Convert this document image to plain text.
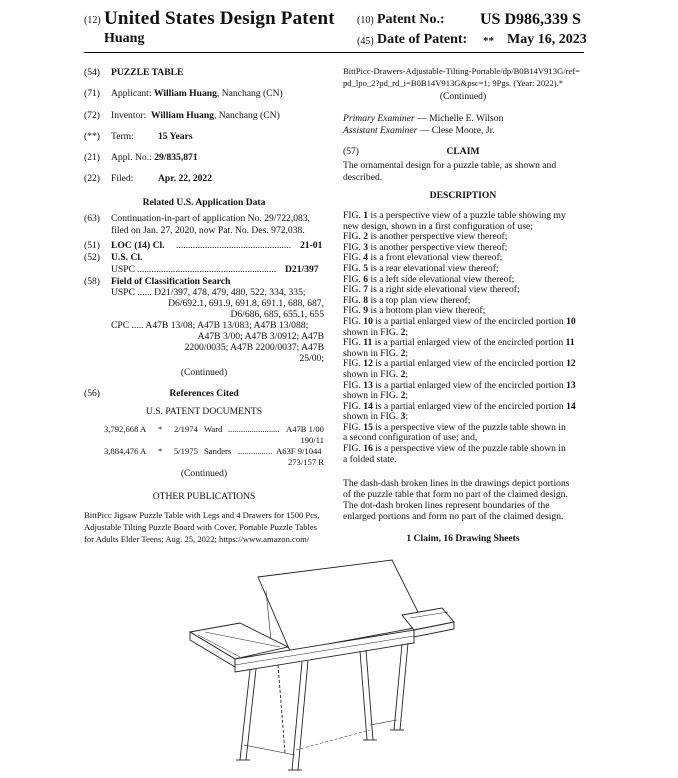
(12) United States Design Patent
Huang
(10) Patent No.: US D986,339 S
(45) Date of Patent: ** May 16, 2023
(54) PUZZLE TABLE
(71) Applicant: William Huang, Nanchang (CN)
(72) Inventor: William Huang, Nanchang (CN)
(**) Term:	15 Years
(21) Appl. No.: 29/835,871
(22) Filed:	Apr. 22, 2022
Related U.S. Application Data
(63) Continuation-in-part of application No. 29/722,083,
filed on Jan. 27, 2020, now Pat. No. Des. 972,038.
(51) LOC (14) Cl. ................................................ 21-01
(52) U.S. Cl.
USPC .......................................................... D21/397
(58) Field of Classification Search
USPC ...... D21/397, 478, 479, 480, 522, 334, 335;
D6/692.1, 691.9, 691.8, 691.1, 688, 687,
D6/686, 685, 655.1, 655
CPC ..... A47B 13/08; A47B 13/083; A47B 13/088;
A47B 3/00; A47B 3/0912; A47B
2200/0035; A47B 2200/0037; A47B
25/00;
(Continued)
(56)	References Cited
U.S. PATENT DOCUMENTS
3,792,668 A * 2/1974 Ward ........................ A47B 1/00
190/11
3,884,476 A * 5/1975 Sanders ................ A63F 9/1044
273/157 R
(Continued)
OTHER PUBLICATIONS
BittPicc Jigsaw Puzzle Table with Legs and 4 Drawers for 1500 Pcs,
Adjustable Tilting Puzzle Board with Cover, Portable Puzzle Tables
for Adults Elder Teens; Aug. 25, 2022; https://www.amazon.com/
BittPicc-Drawers-Adjustable-Tilting-Portable/dp/B0B14V913G/ref=
pd_lpo_2?pd_rd_i=B0B14V913G&psc=1; 9Pgs. (Year: 2022).*
(Continued)
Primary Examiner — Michelle E. Wilson
Assistant Examiner — Clese Moore, Jr.
(57)	CLAIM
The ornamental design for a puzzle table, as shown and
described.
DESCRIPTION
FIG. 1 is a perspective view of a puzzle table showing my
new design, shown in a first configuration of use;
FIG. 2 is another perspective view thereof;
FIG. 3 is another perspective view thereof;
FIG. 4 is a front elevational view thereof;
FIG. 5 is a rear elevational view thereof;
FIG. 6 is a left side elevational view thereof;
FIG. 7 is a right side elevational view thereof;
FIG. 8 is a top plan view thereof;
FIG. 9 is a bottom plan view thereof;
FIG. 10 is a partial enlarged view of the encircled portion 10
shown in FIG. 2;
FIG. 11 is a partial enlarged view of the encircled portion 11
shown in FIG. 2;
FIG. 12 is a partial enlarged view of the encircled portion 12
shown in FIG. 2;
FIG. 13 is a partial enlarged view of the encircled portion 13
shown in FIG. 2;
FIG. 14 is a partial enlarged view of the encircled portion 14
shown in FIG. 3;
FIG. 15 is a perspective view of the puzzle table shown in
a second configuration of use; and,
FIG. 16 is a perspective view of the puzzle table shown in
a folded state.
The dash-dash broken lines in the drawings depict portions
of the puzzle table that form no part of the claimed design.
The dot-dash broken lines represent boundaries of the
enlarged portions and form no part of the claimed design.
1 Claim, 16 Drawing Sheets
